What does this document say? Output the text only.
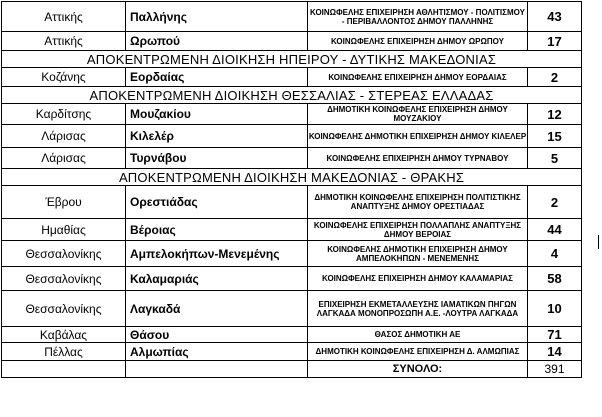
Αττικής	Παλλήνης	ΚΟΙΝΩΦΕΛΗΣ ΕΠΙΧΕΙΡΗΣΗ ΑΘΛΗΤΙΣΜΟΥ - ΠΟΛΙΤΙΣΜΟΥ - ΠΕΡΙΒΑΛΛΟΝΤΟΣ ΔΗΜΟΥ ΠΑΛΛΗΝΗΣ	43
Αττικής	Ωρωπού	ΚΟΙΝΩΦΕΛΗΣ ΕΠΙΧΕΙΡΗΣΗ ΔΗΜΟΥ ΩΡΩΠΟΥ	17
ΑΠΟΚΕΝΤΡΩΜΕΝΗ ΔΙΟΙΚΗΣΗ ΗΠΕΙΡΟΥ - ΔΥΤΙΚΗΣ ΜΑΚΕΔΟΝΙΑΣ			
Κοζάνης	Εορδαίας	ΚΟΙΝΩΦΕΛΗΣ ΕΠΙΧΕΙΡΗΣΗ ΔΗΜΟΥ ΕΟΡΔΑΙΑΣ	2
ΑΠΟΚΕΝΤΡΩΜΕΝΗ ΔΙΟΙΚΗΣΗ ΘΕΣΣΑΛΙΑΣ - ΣΤΕΡΕΑΣ ΕΛΛΑΔΑΣ			
Καρδίτσης	Μουζακίου	ΔΗΜΟΤΙΚΗ ΚΟΙΝΩΦΕΛΗΣ ΕΠΙΧΕΙΡΗΣΗ ΔΗΜΟΥ ΜΟΥΖΑΚΙΟΥ	12
Λάρισας	Κιλελέρ	ΚΟΙΝΩΦΕΛΗΣ ΔΗΜΟΤΙΚΗ ΕΠΙΧΕΙΡΗΣΗ ΔΗΜΟΥ ΚΙΛΕΛΕΡ	15
Λάρισας	Τυρνάβου	ΚΟΙΝΩΦΕΛΗΣ ΕΠΙΧΕΙΡΗΣΗ ΔΗΜΟΥ ΤΥΡΝΑΒΟΥ	5
ΑΠΟΚΕΝΤΡΩΜΕΝΗ ΔΙΟΙΚΗΣΗ ΜΑΚΕΔΟΝΙΑΣ - ΘΡΑΚΗΣ			
Έβρου	Ορεστιάδας	ΔΗΜΟΤΙΚΗ ΚΟΙΝΩΦΕΛΗΣ ΕΠΙΧΕΙΡΗΣΗ ΠΟΛΙΤΙΣΤΙΚΗΣ ΑΝΑΠΤΥΞΗΣ ΔΗΜΟΥ ΟΡΕΣΤΙΑΔΑΣ	2
Ημαθίας	Βέροιας	ΚΟΙΝΩΦΕΛΗΣ ΕΠΙΧΕΙΡΗΣΗ ΠΟΛΛΑΠΛΗΣ ΑΝΑΠΤΥΞΗΣ ΔΗΜΟΥ ΒΕΡΟΙΑΣ	44
Θεσσαλονίκης	Αμπελοκήπων-Μενεμένης	ΚΟΙΝΩΦΕΛΗΣ ΔΗΜΟΤΙΚΗ ΕΠΙΧΕΙΡΗΣΗ ΔΗΜΟΥ ΑΜΠΕΛΟΚΗΠΩΝ - ΜΕΝΕΜΕΝΗΣ	4
Θεσσαλονίκης	Καλαμαριάς	ΚΟΙΝΩΦΕΛΗΣ ΕΠΙΧΕΙΡΗΣΗ ΔΗΜΟΥ ΚΑΛΑΜΑΡΙΑΣ	58
Θεσσαλονίκης	Λαγκαδά	ΕΠΙΧΕΙΡΗΣΗ ΕΚΜΕΤΑΛΛΕΥΣΗΣ ΙΑΜΑΤΙΚΩΝ ΠΗΓΩΝ ΛΑΓΚΑΔΑ ΜΟΝΟΠΡΟΣΩΠΗ Α.Ε. -ΛΟΥΤΡΑ ΛΑΓΚΑΔΑ	10
Καβάλας	Θάσου	ΘΑΣΟΣ ΔΗΜΟΤΙΚΗ ΑΕ	71
Πέλλας	Αλμωπίας	ΔΗΜΟΤΙΚΗ ΚΟΙΝΩΦΕΛΗΣ ΕΠΙΧΕΙΡΗΣΗ Δ. ΑΛΜΩΠΙΑΣ	14
		ΣΥΝΟΛΟ:	391
